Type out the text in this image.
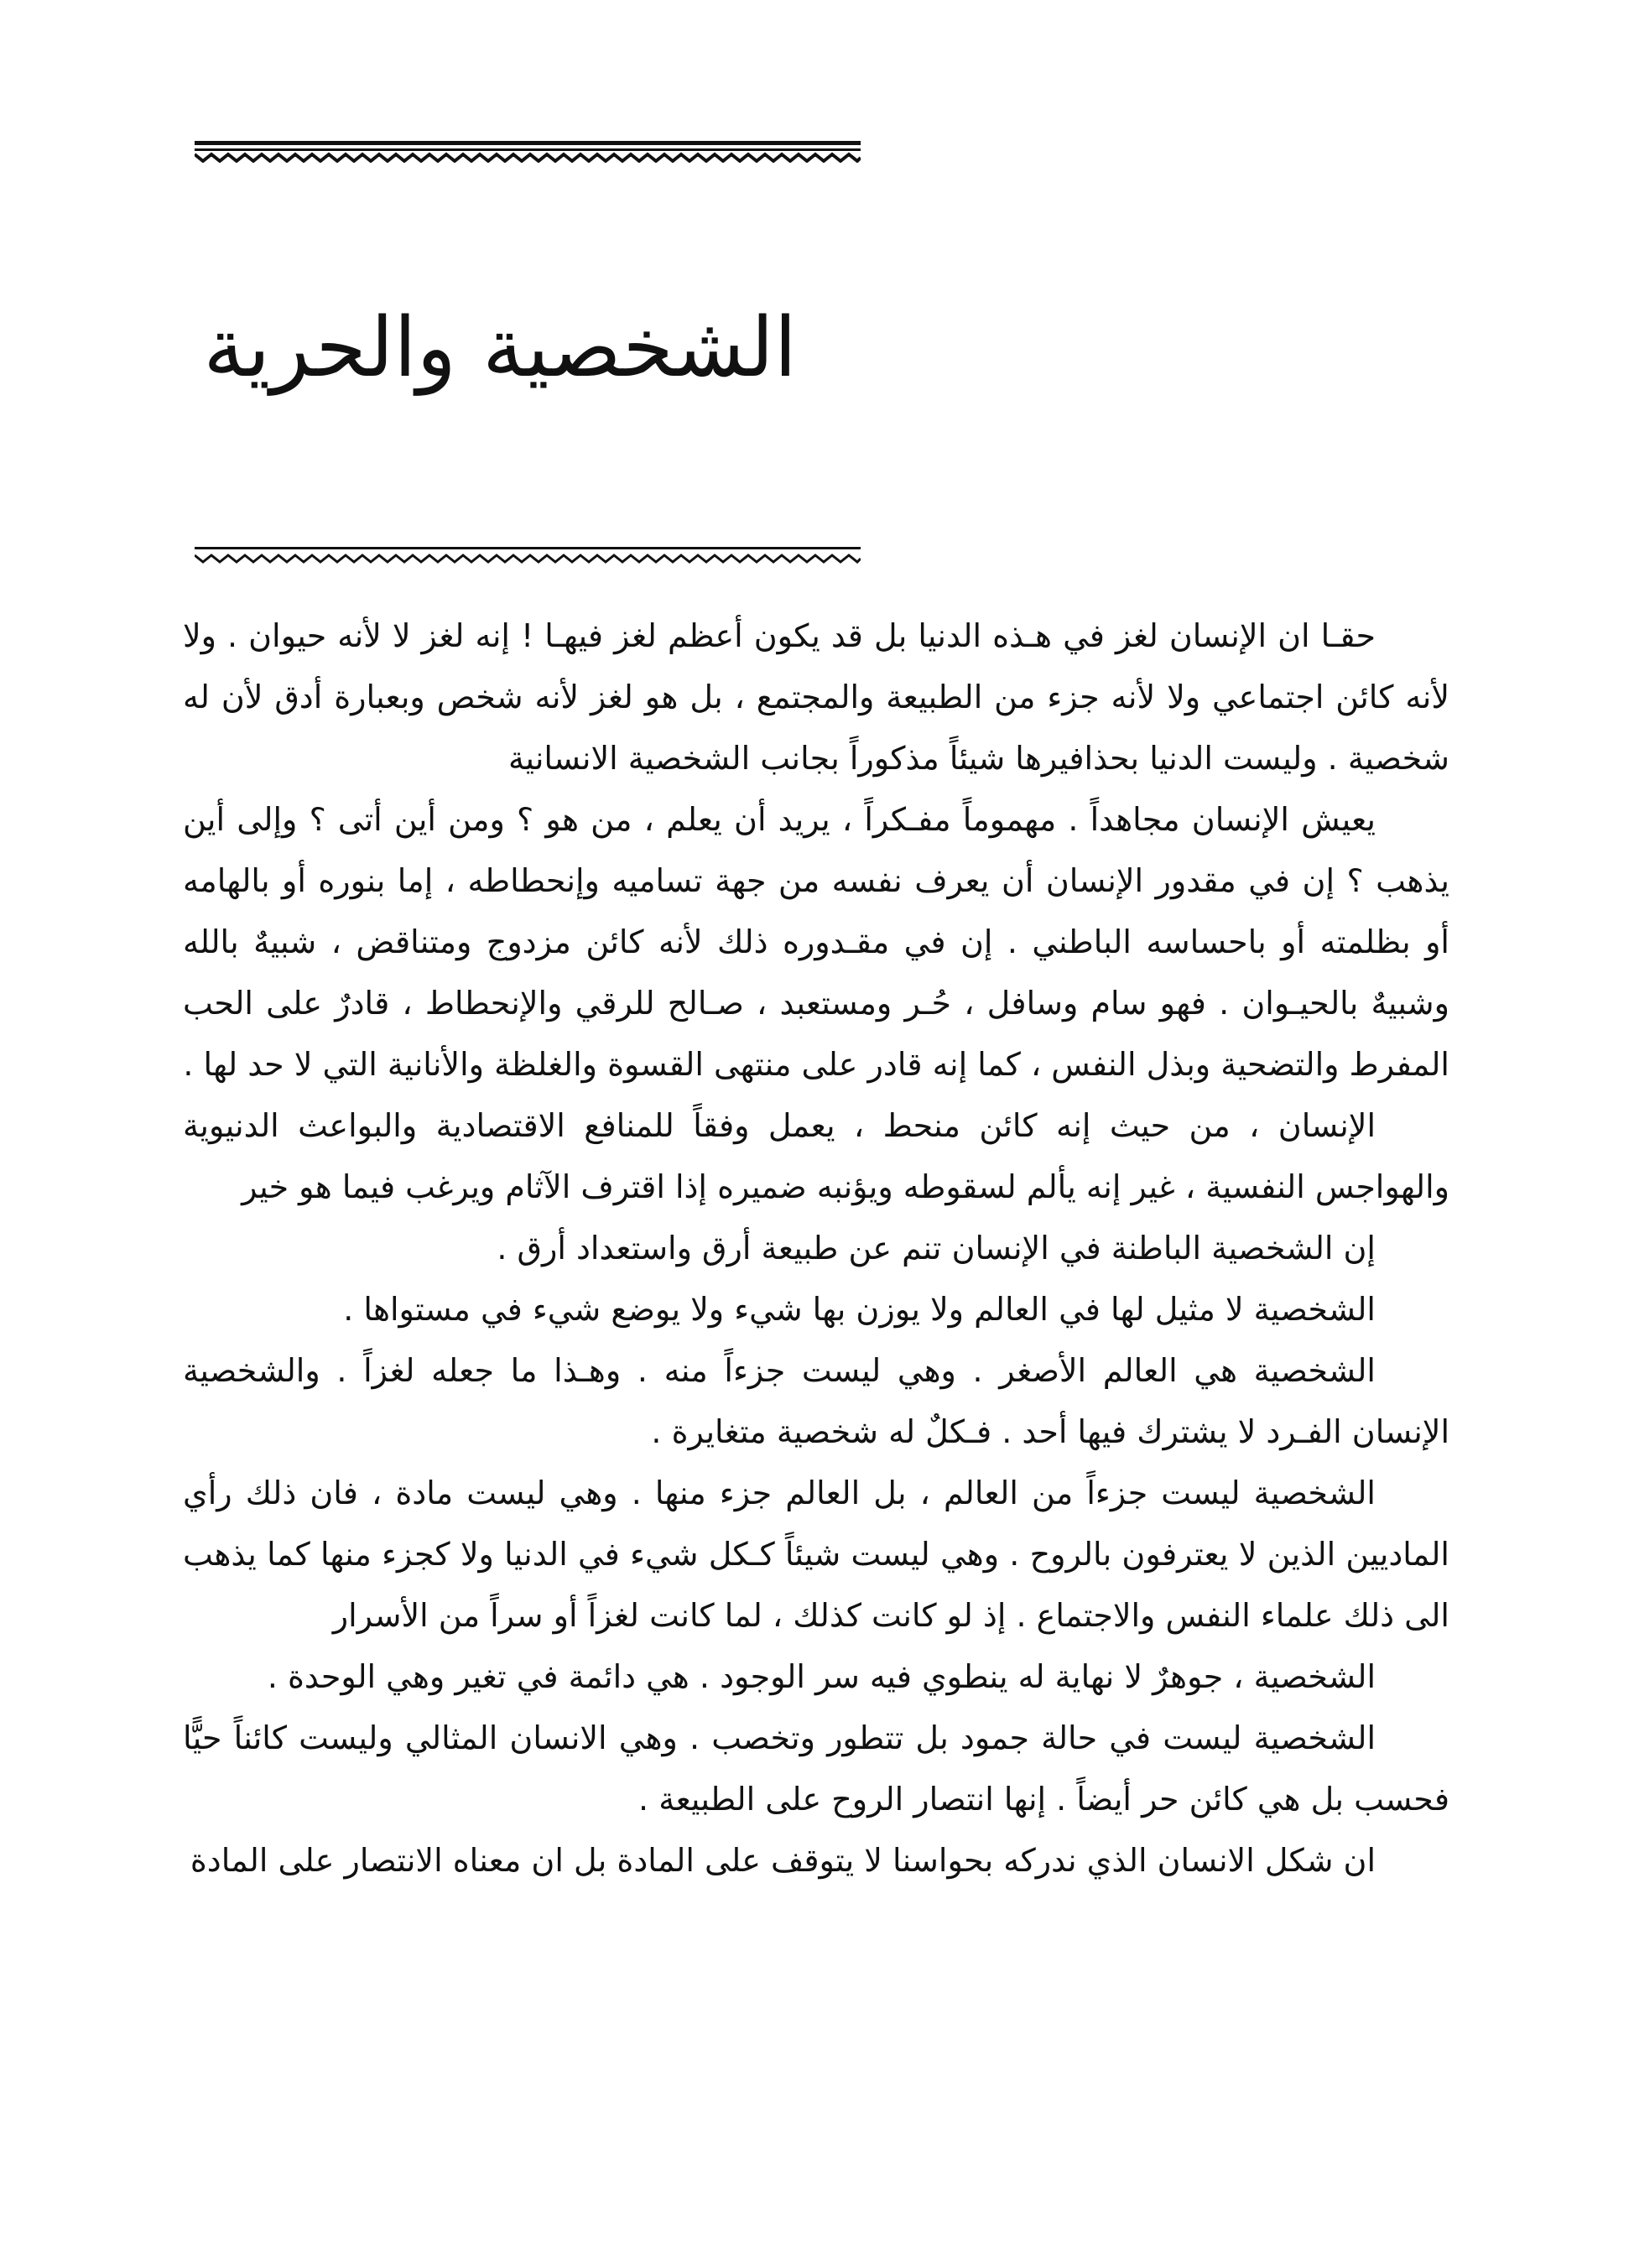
الشخصية والحرية

حقـا ان الإنسان لغز في هـذه الدنيا بل قد يكون أعظم لغز فيهـا ! إنه لغز لا لأنه حيوان . ولا لأنه كائن اجتماعي ولا لأنه جزء من الطبيعة والمجتمع ، بل هو لغز لأنه شخص وبعبارة أدق لأن له شخصية . وليست الدنيا بحذافيرها شيئاً مذكوراً بجانب الشخصية الانسانية

يعيش الإنسان مجاهداً . مهموماً مفـكراً ، يريد أن يعلم ، من هو ؟ ومن أين أتى ؟ وإلى أين يذهب ؟ إن في مقدور الإنسان أن يعرف نفسه من جهة تساميه وإنحطاطه ، إما بنوره أو بالهامه أو بظلمته أو باحساسه الباطني . إن في مقـدوره ذلك لأنه كائن مزدوج ومتناقض ، شبيهٌ بالله وشبيهٌ بالحيـوان . فهو سام وسافل ، حُـر ومستعبد ، صـالح للرقي والإنحطاط ، قادرٌ على الحب المفرط والتضحية وبذل النفس ، كما إنه قادر على منتهى القسوة والغلظة والأنانية التي لا حد لها .

الإنسان ، من حيث إنه كائن منحط ، يعمل وفقاً للمنافع الاقتصادية والبواعث الدنيوية والهواجس النفسية ، غير إنه يألم لسقوطه ويؤنبه ضميره إذا اقترف الآثام ويرغب فيما هو خير

إن الشخصية الباطنة في الإنسان تنم عن طبيعة أرق واستعداد أرق .

الشخصية لا مثيل لها في العالم ولا يوزن بها شيء ولا يوضع شيء في مستواها .

الشخصية هي العالم الأصغر . وهي ليست جزءاً منه . وهـذا ما جعله لغزاً . والشخصية الإنسان الفـرد لا يشترك فيها أحد . فـكلٌ له شخصية متغايرة .

الشخصية ليست جزءاً من العالم ، بل العالم جزء منها . وهي ليست مادة ، فان ذلك رأي الماديين الذين لا يعترفون بالروح . وهي ليست شيئاً كـكل شيء في الدنيا ولا كجزء منها كما يذهب الى ذلك علماء النفس والاجتماع . إذ لو كانت كذلك ، لما كانت لغزاً أو سراً من الأسرار

الشخصية ، جوهرٌ لا نهاية له ينطوي فيه سر الوجود . هي دائمة في تغير وهي الوحدة .

الشخصية ليست في حالة جمود بل تتطور وتخصب . وهي الانسان المثالي وليست كائناً حيًّا فحسب بل هي كائن حر أيضاً . إنها انتصار الروح على الطبيعة .

ان شكل الانسان الذي ندركه بحواسنا لا يتوقف على المادة بل ان معناه الانتصار على المادة
